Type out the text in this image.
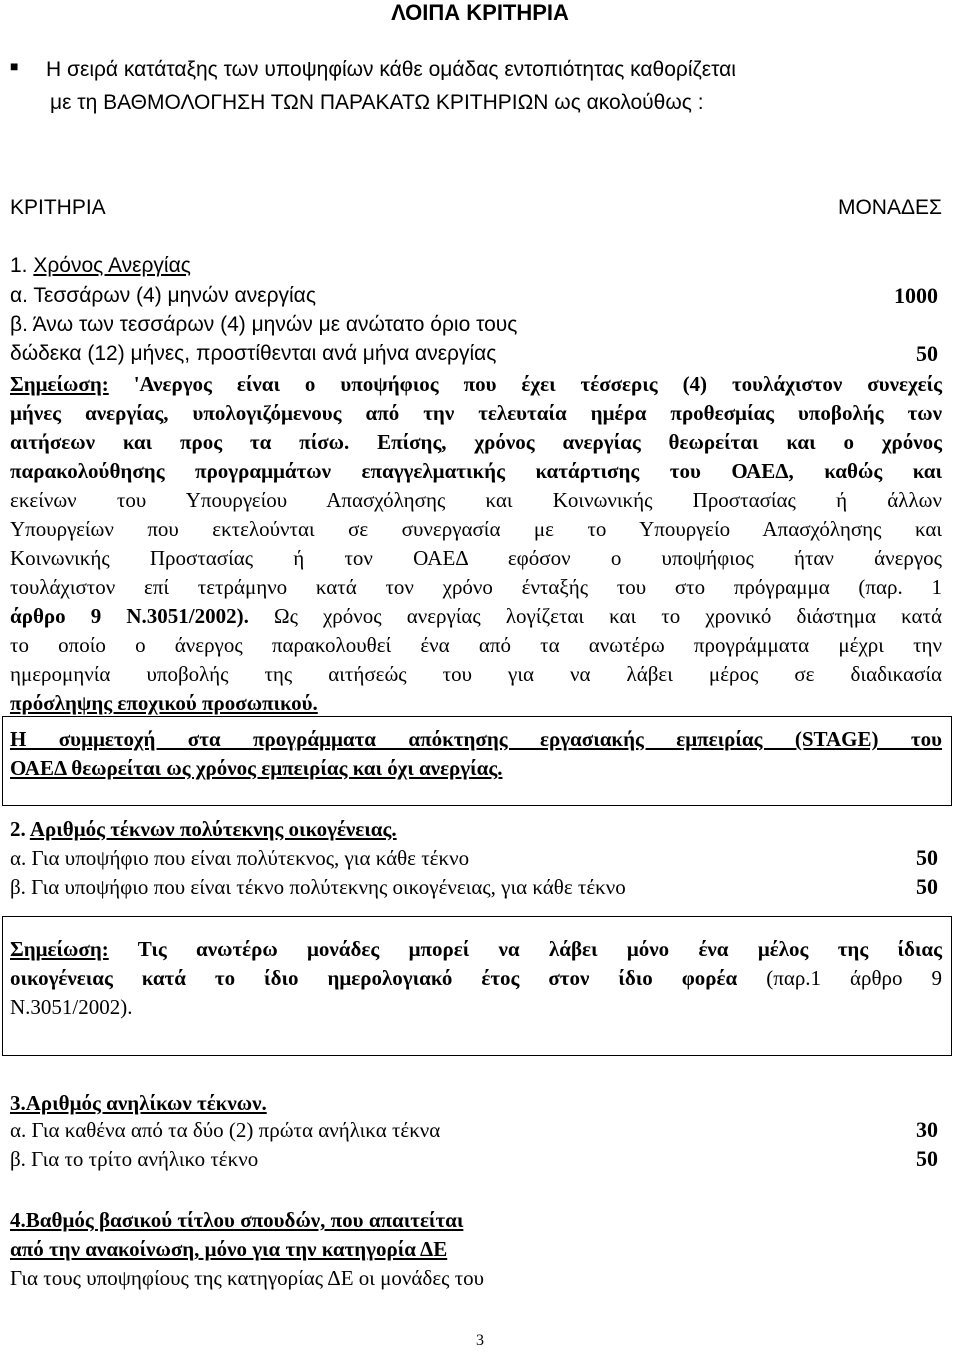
ΛΟΙΠΑ ΚΡΙΤΗΡΙΑ
■ Η σειρά κατάταξης των υποψηφίων κάθε ομάδας εντοπιότητας καθορίζεται
με τη ΒΑΘΜΟΛΟΓΗΣΗ ΤΩΝ ΠΑΡΑΚΑΤΩ ΚΡΙΤΗΡΙΩΝ ως ακολούθως :
ΚΡΙΤΗΡΙΑ	ΜΟΝΑΔΕΣ
1. Χρόνος Ανεργίας
α. Τεσσάρων (4) μηνών ανεργίας	1000
β. Άνω των τεσσάρων (4) μηνών με ανώτατο όριο τους
δώδεκα (12) μήνες, προστίθενται ανά μήνα ανεργίας	50
Σημείωση: 'Ανεργος είναι ο υποψήφιος που έχει τέσσερις (4) τουλάχιστον συνεχείς
μήνες ανεργίας, υπολογιζόμενους από την τελευταία ημέρα προθεσμίας υποβολής των
αιτήσεων και προς τα πίσω. Επίσης, χρόνος ανεργίας θεωρείται και ο χρόνος
παρακολούθησης προγραμμάτων επαγγελματικής κατάρτισης του ΟΑΕΔ, καθώς και
εκείνων του Υπουργείου Απασχόλησης και Κοινωνικής Προστασίας ή άλλων
Υπουργείων που εκτελούνται σε συνεργασία με το Υπουργείο Απασχόλησης και
Κοινωνικής Προστασίας ή τον ΟΑΕΔ εφόσον ο υποψήφιος ήταν άνεργος
τουλάχιστον επί τετράμηνο κατά τον χρόνο ένταξής του στο πρόγραμμα (παρ. 1
άρθρο 9 Ν.3051/2002). Ως χρόνος ανεργίας λογίζεται και το χρονικό διάστημα κατά
το οποίο ο άνεργος παρακολουθεί ένα από τα ανωτέρω προγράμματα μέχρι την
ημερομηνία υποβολής της αιτήσεώς του για να λάβει μέρος σε διαδικασία
πρόσληψης εποχικού προσωπικού.
Η συμμετοχή στα προγράμματα απόκτησης εργασιακής εμπειρίας (STAGE) του
ΟΑΕΔ θεωρείται ως χρόνος εμπειρίας και όχι ανεργίας.
2. Αριθμός τέκνων πολύτεκνης οικογένειας.
α. Για υποψήφιο που είναι πολύτεκνος, για κάθε τέκνο	50
β. Για υποψήφιο που είναι τέκνο πολύτεκνης οικογένειας, για κάθε τέκνο	50
Σημείωση: Τις ανωτέρω μονάδες μπορεί να λάβει μόνο ένα μέλος της ίδιας
οικογένειας κατά το ίδιο ημερολογιακό έτος στον ίδιο φορέα (παρ.1 άρθρο 9
Ν.3051/2002).
3.Αριθμός ανηλίκων τέκνων.
α. Για καθένα από τα δύο (2) πρώτα ανήλικα τέκνα	30
β. Για το τρίτο ανήλικο τέκνο	50
4.Βαθμός βασικού τίτλου σπουδών, που απαιτείται
από την ανακοίνωση, μόνο για την κατηγορία ΔΕ
Για τους υποψηφίους της κατηγορίας ΔΕ οι μονάδες του
3
